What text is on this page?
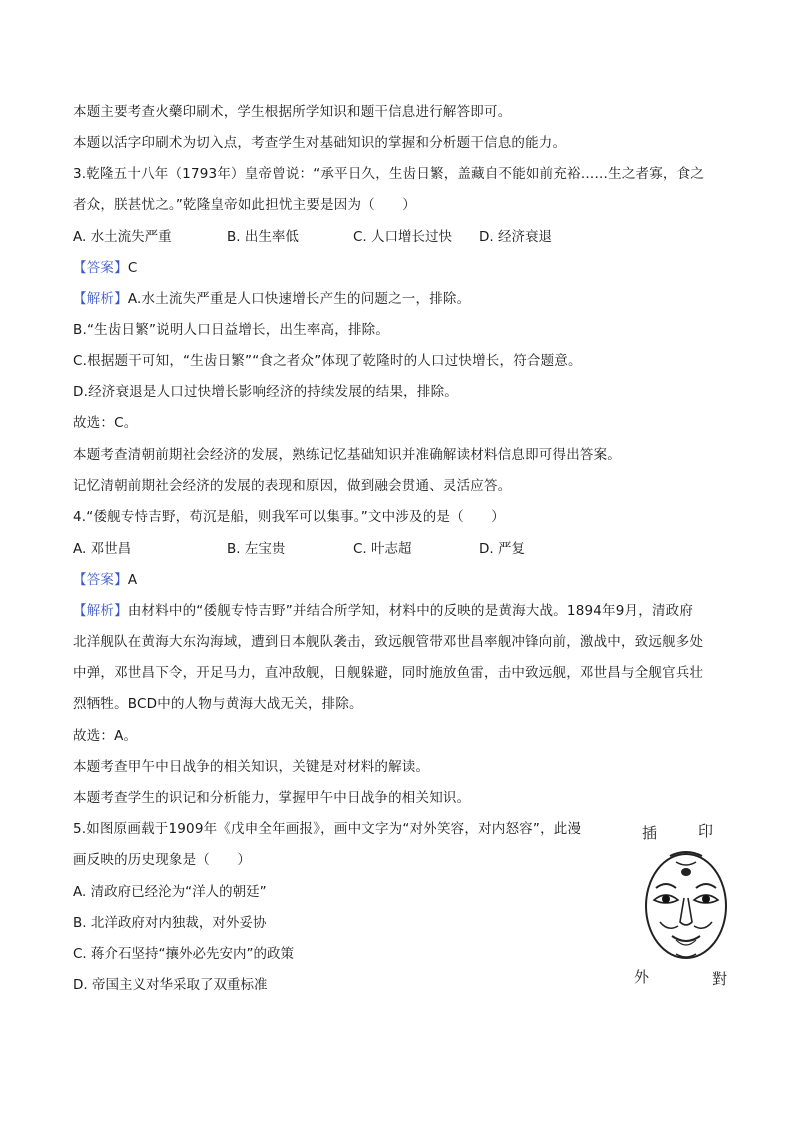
本题主要考查火藥印刷术，学生根据所学知识和题干信息进行解答即可。
本题以活字印刷术为切入点，考查学生对基础知识的掌握和分析题干信息的能力。
3.乾隆五十八年（1793年）皇帝曾说：“承平日久，生齿日繁，盖藏自不能如前充裕……生之者寡，食之
者众，朕甚忧之。”乾隆皇帝如此担忧主要是因为（　　）
A. 水土流失严重	B. 出生率低	C. 人口增长过快 D. 经济衰退
【答案】C
【解析】A.水土流失严重是人口快速增长产生的问题之一，排除。
B.“生齿日繁”说明人口日益增长，出生率高，排除。
C.根据题干可知，“生齿日繁”“食之者众”体现了乾隆时的人口过快增长，符合题意。
D.经济衰退是人口过快增长影响经济的持续发展的结果，排除。
故选：C。
本题考查清朝前期社会经济的发展，熟练记忆基础知识并准确解读材料信息即可得出答案。
记忆清朝前期社会经济的发展的表现和原因，做到融会贯通、灵活应答。
4.“倭舰专恃吉野，苟沉是船，则我军可以集事。”文中涉及的是（　　）
A. 邓世昌	B. 左宝贵	C. 叶志超	D. 严复
【答案】A
【解析】由材料中的“倭舰专恃吉野”并结合所学知，材料中的反映的是黄海大战。1894年9月，清政府
北洋舰队在黄海大东沟海域，遭到日本舰队袭击，致远舰管带邓世昌率舰冲锋向前，激战中，致远舰多处
中弹，邓世昌下令，开足马力，直冲敌舰，日舰躲避，同时施放鱼雷，击中致远舰，邓世昌与全舰官兵壮
烈牺牲。BCD中的人物与黄海大战无关，排除。
故选：A。
本题考查甲午中日战争的相关知识，关键是对材料的解读。
本题考查学生的识记和分析能力，掌握甲午中日战争的相关知识。
5.如图原画载于1909年《戊申全年画报》，画中文字为“对外笑容，对内怒容”，此漫
画反映的历史现象是（　　）
A. 清政府已经沦为“洋人的朝廷”
B. 北洋政府对内独裁，对外妥协
C. 蒋介石坚持“攘外必先安内”的政策
D. 帝国主义对华采取了双重标准
插	印
外	對
